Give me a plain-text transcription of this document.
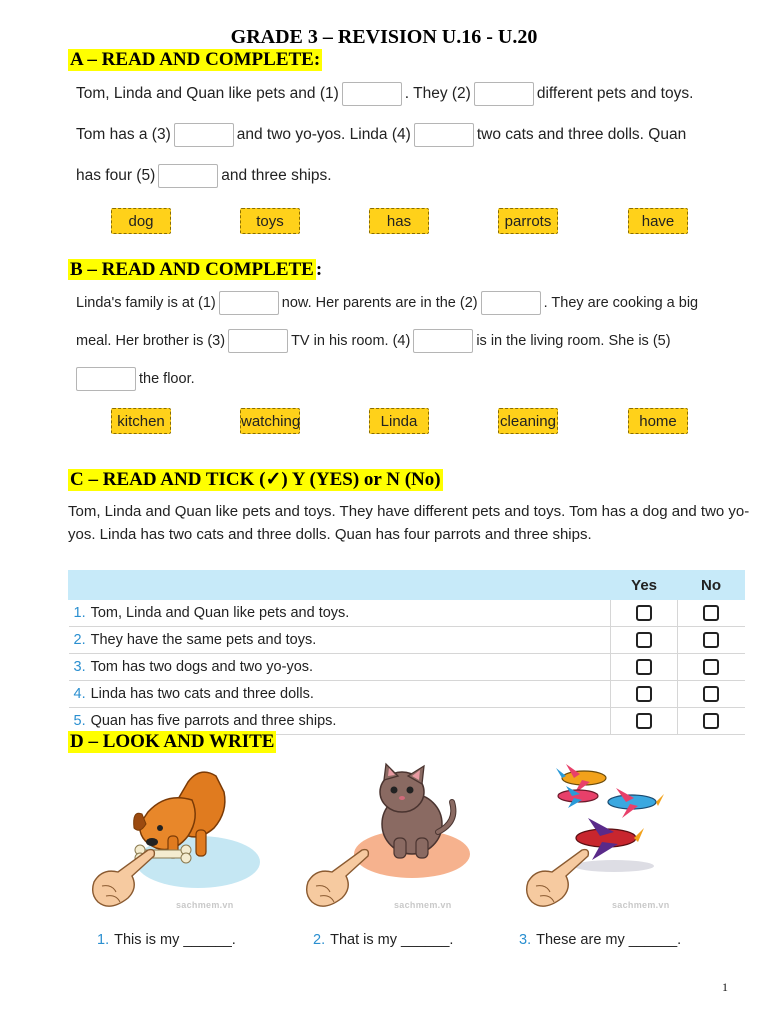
GRADE 3 – REVISION U.16 - U.20
A – READ AND COMPLETE:
Tom, Linda and Quan like pets and (1)	. They (2)	different pets and toys.
Tom has a (3)	and two yo-yos. Linda (4)	two cats and three dolls. Quan
has four (5)	and three ships.
dog	toys	has	parrots	have
B – READ AND COMPLETE :
Linda's family is at (1)	now. Her parents are in the (2)	. They are cooking a big
meal. Her brother is (3)	TV in his room. (4)	is in the living room. She is (5)
the floor.
kitchen	watching	Linda	cleaning	home
C – READ AND TICK (✓) Y (YES) or N (No)
Tom, Linda and Quan like pets and toys. They have different pets and toys. Tom has a dog and two yo-yos. Linda has two cats and three dolls. Quan has four parrots and three ships.
	Yes	No
1. Tom, Linda and Quan like pets and toys.		
2. They have the same pets and toys.		
3. Tom has two dogs and two yo-yos.		
4. Linda has two cats and three dolls.		
5. Quan has five parrots and three ships.		
D – LOOK AND WRITE
sachmem.vn	sachmem.vn	sachmem.vn
1. This is my ______.	2. That is my ______.	3. These are my ______.
1
